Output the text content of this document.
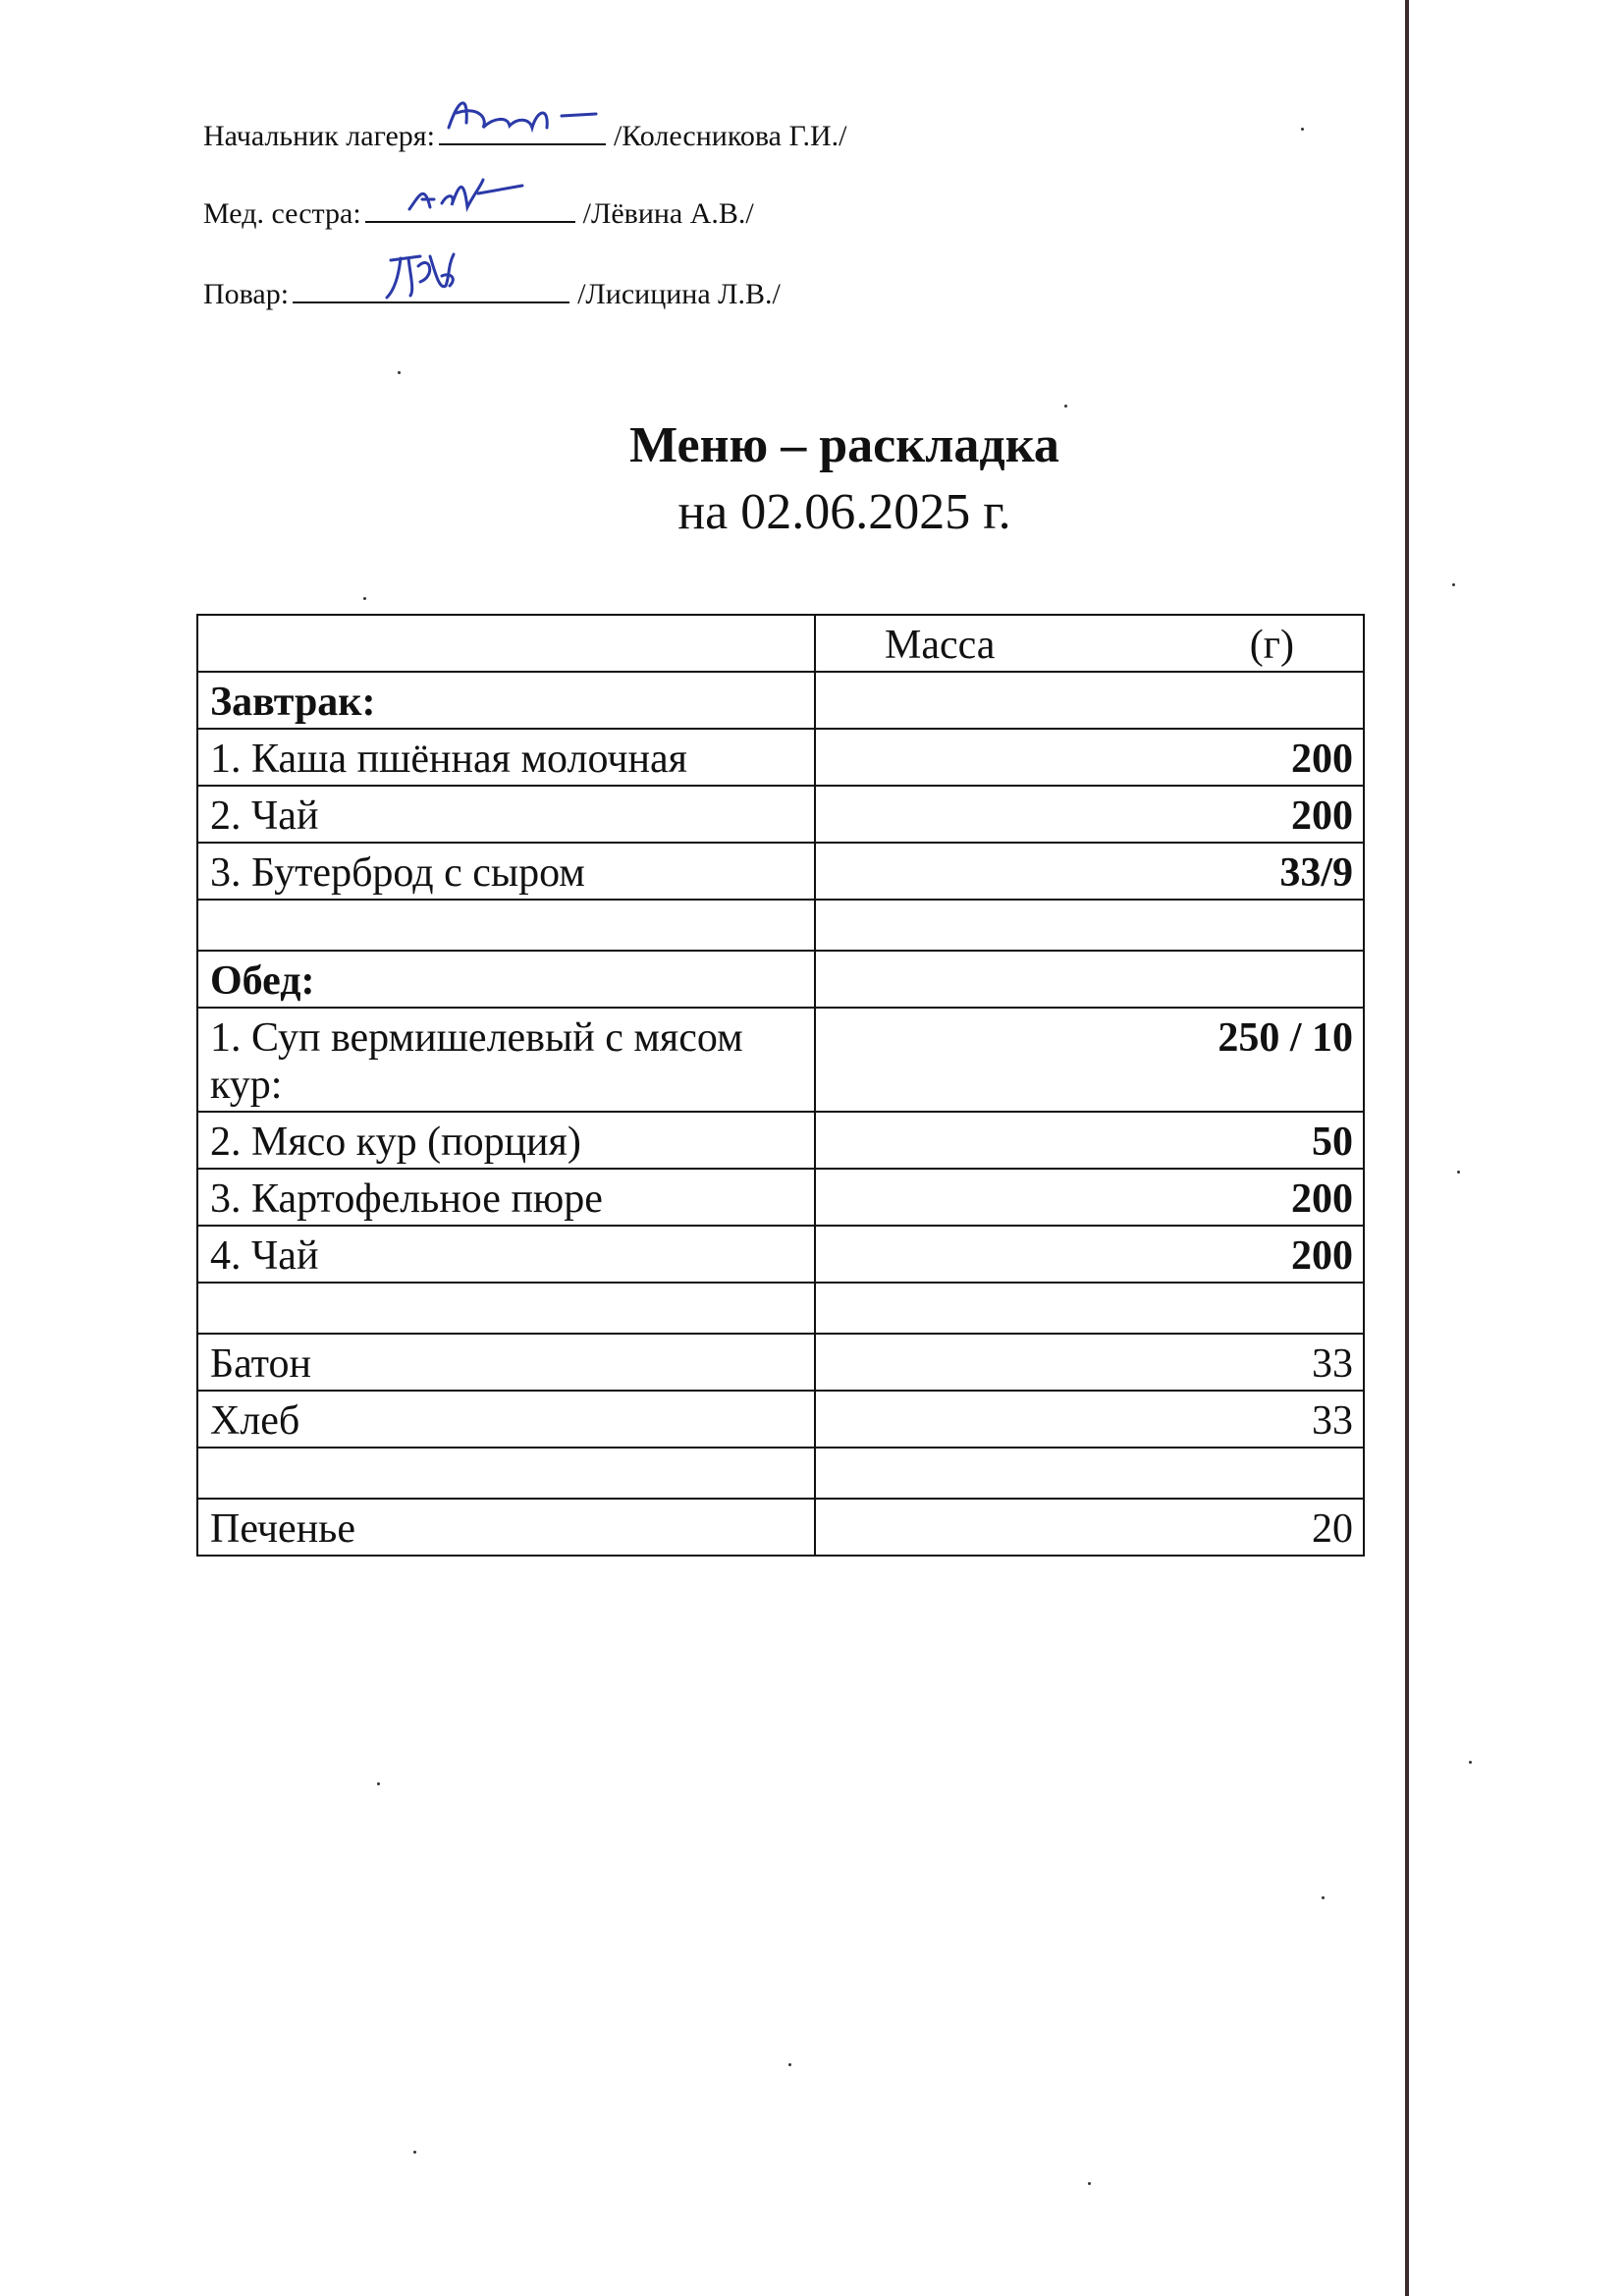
Начальник лагеря:	/Колесникова Г.И./
Мед. сестра:	/Лёвина А.В./
Повар:	/Лисицина Л.В./
Меню – раскладка
на 02.06.2025 г.
	Масса (г)

Завтрак:	
1. Каша пшённая молочная	200
2. Чай	200
3. Бутерброд с сыром	33/9

Обед:	
1. Суп вермишелевый с мясом кур:	250 / 10
2. Мясо кур (порция)	50
3. Картофельное пюре	200
4. Чай	200

Батон	33
Хлеб	33

Печенье	20
